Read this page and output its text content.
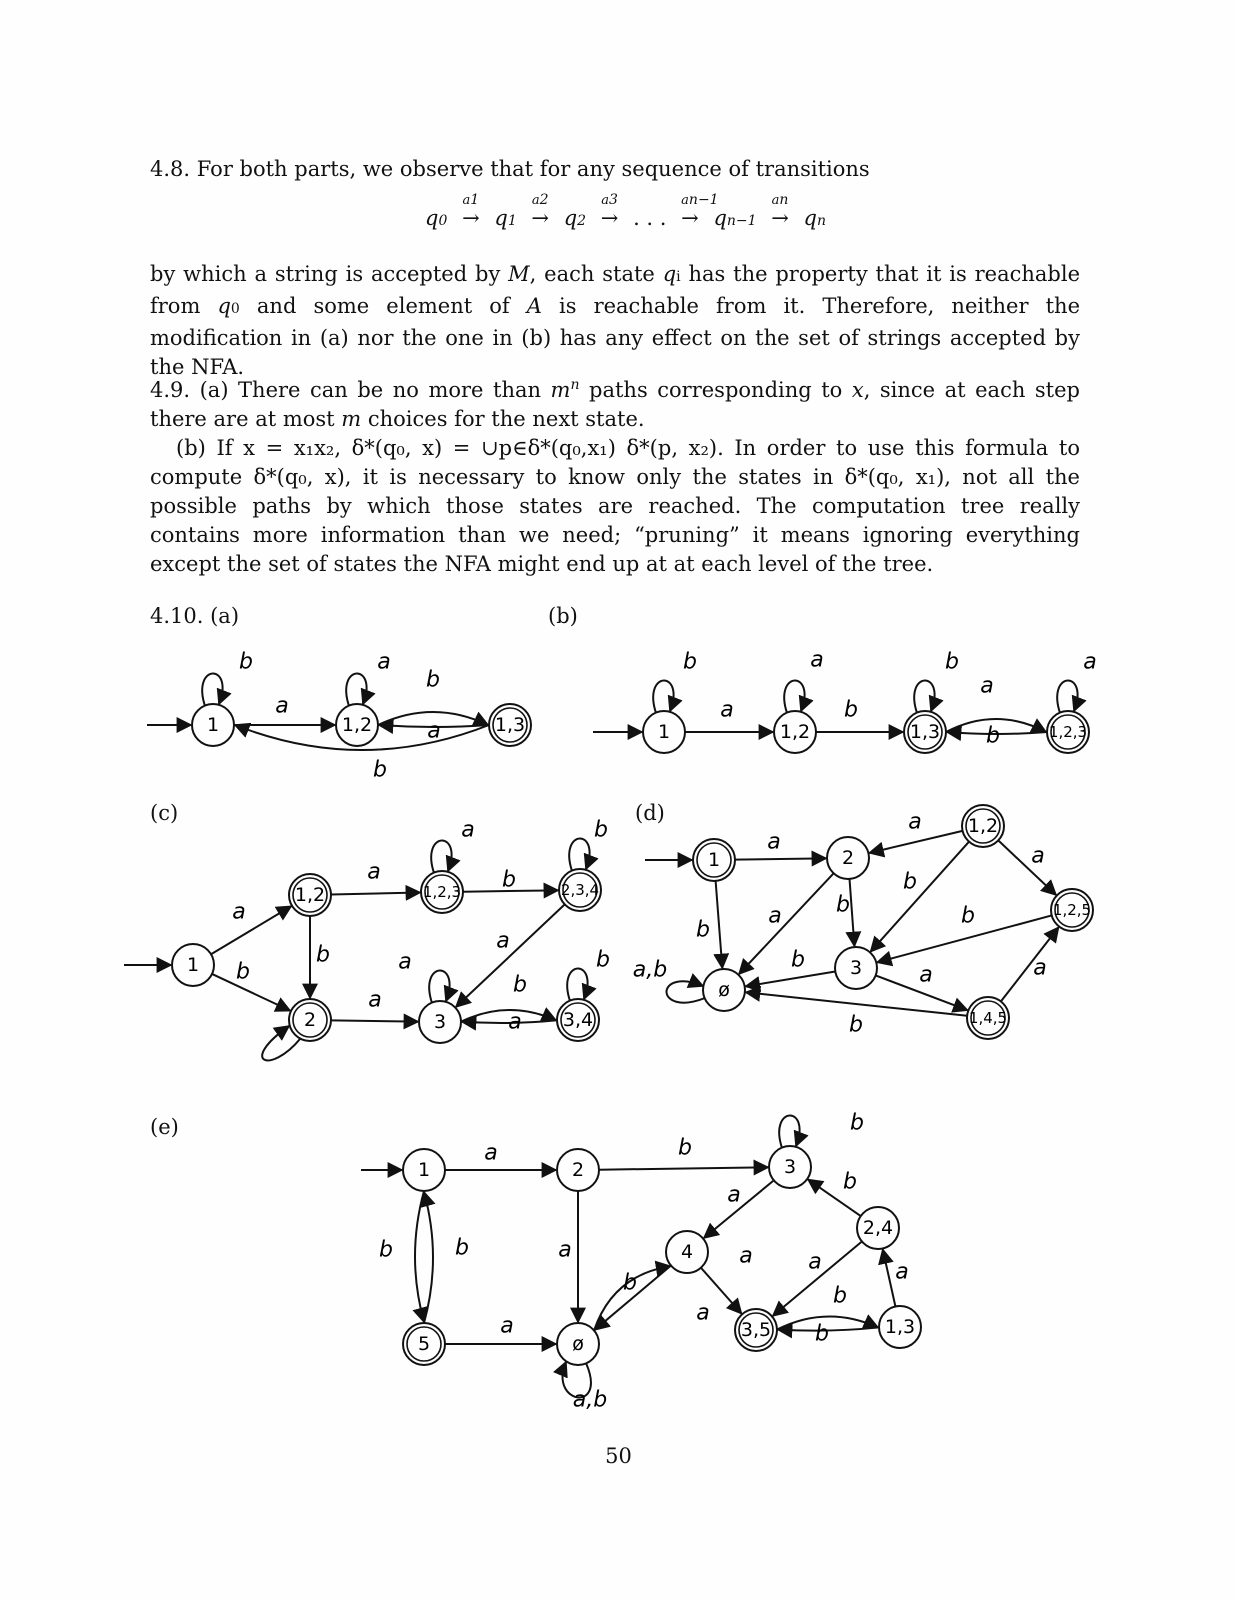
4.8. For both parts, we observe that for any sequence of transitions

q0
a1
→ q1
a2
→ q2
a3
→ . . .
an−1
→ qn−1
an
→ qn

by which a string is accepted by M, each state qi has the property that it is reachable from q0 and some element of A is reachable from it. Therefore, neither the modification in (a) nor the one in (b) has any effect on the set of strings accepted by the NFA.

4.9. (a) There can be no more than $m^n$ paths corresponding to x, since at each step there are at most m choices for the next state.

(b) If x = x₁x₂, δ*(q₀, x) = ∪p∈δ*(q₀,x₁) δ*(p, x₂). In order to use this formula to compute δ*(q₀, x), it is necessary to know only the states in δ*(q₀, x₁), not all the possible paths by which those states are reached. The computation tree really contains more information than we need; “pruning” it means ignoring everything except the set of states the NFA might end up at at each level of the tree.

4.10. (a)	(b)
(c)	(d)
(e)
1	1,2	1,3	1	1,2	1,3	1,2,3
1
1,2	1,2,3	2,3,4
2	3	3,4
1	2
1,2
1,2,5
3
1,4,5
ø
1	2	3
2,4
4
3,5	1,3
5	ø
b
a
a
b
a
b
b
a
a
b
b
a
b
a
a
b
a
b
a
b
b
a
a
a
b
a
b
a
b
a,b
a b
a
b
a
b
b
a	a
b
a	b
b
a
b
b
b	a
a
a,b
b
a
a	a	a
b
b
50
